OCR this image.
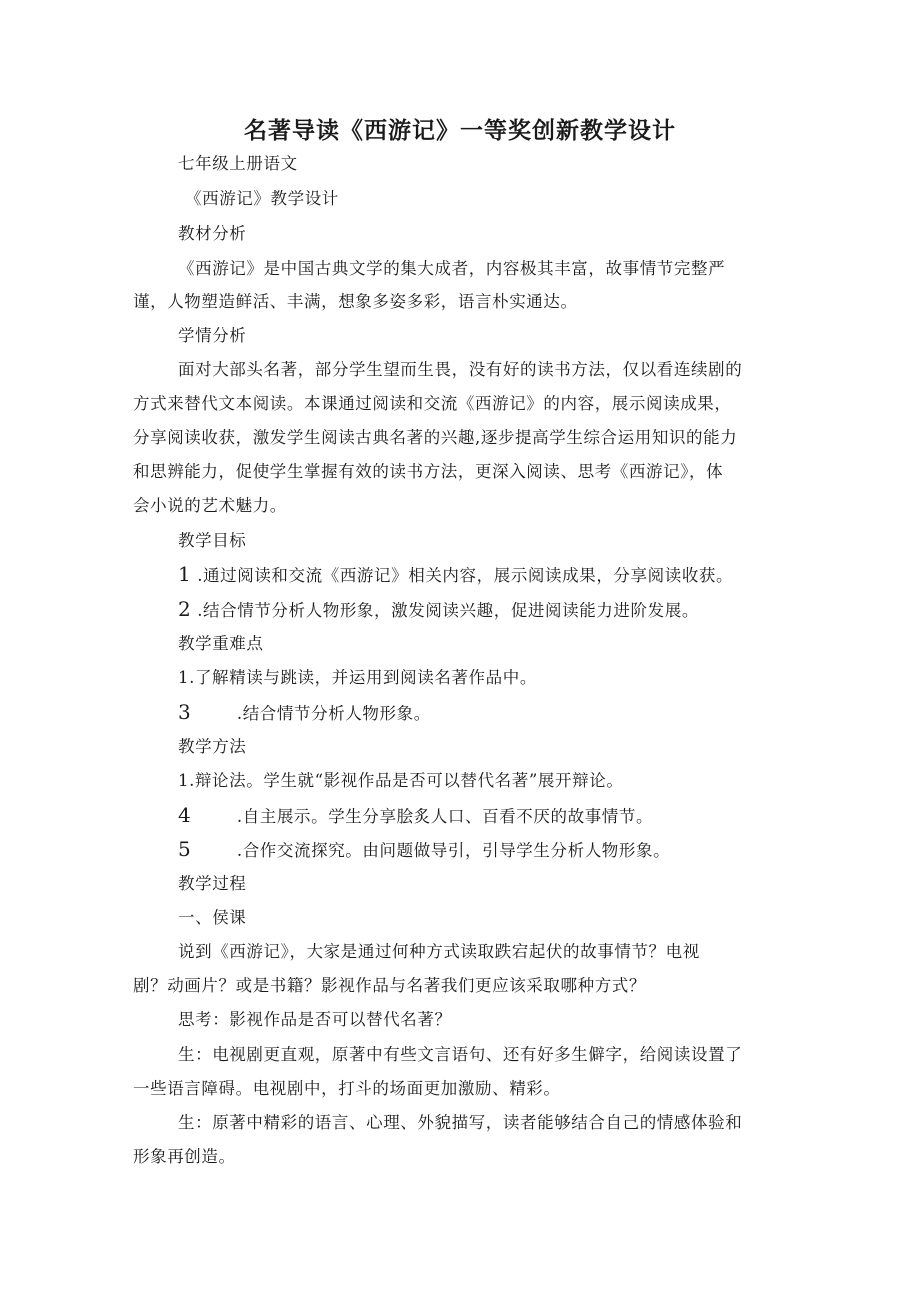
名著导读《西游记》一等奖创新教学设计
七年级上册语文
《西游记》教学设计
教材分析
《西游记》是中国古典文学的集大成者，内容极其丰富，故事情节完整严
谨，人物塑造鲜活、丰满，想象多姿多彩，语言朴实通达。
学情分析
面对大部头名著，部分学生望而生畏，没有好的读书方法，仅以看连续剧的
方式来替代文本阅读。本课通过阅读和交流《西游记》的内容，展示阅读成果，
分享阅读收获，激发学生阅读古典名著的兴趣,逐步提高学生综合运用知识的能力
和思辨能力，促使学生掌握有效的读书方法，更深入阅读、思考《西游记》，体
会小说的艺术魅力。
教学目标
1 .通过阅读和交流《西游记》相关内容，展示阅读成果，分享阅读收获。
2 .结合情节分析人物形象，激发阅读兴趣，促进阅读能力进阶发展。
教学重难点
1.了解精读与跳读，并运用到阅读名著作品中。
3	.结合情节分析人物形象。
教学方法
1.辩论法。学生就“影视作品是否可以替代名著”展开辩论。
4	.自主展示。学生分享脍炙人口、百看不厌的故事情节。
5	.合作交流探究。由问题做导引，引导学生分析人物形象。
教学过程
一、侯课
说到《西游记》，大家是通过何种方式读取跌宕起伏的故事情节？电视
剧？动画片？或是书籍？影视作品与名著我们更应该采取哪种方式？
思考：影视作品是否可以替代名著？
生：电视剧更直观，原著中有些文言语句、还有好多生僻字，给阅读设置了
一些语言障碍。电视剧中，打斗的场面更加激励、精彩。
生：原著中精彩的语言、心理、外貌描写，读者能够结合自己的情感体验和
形象再创造。
